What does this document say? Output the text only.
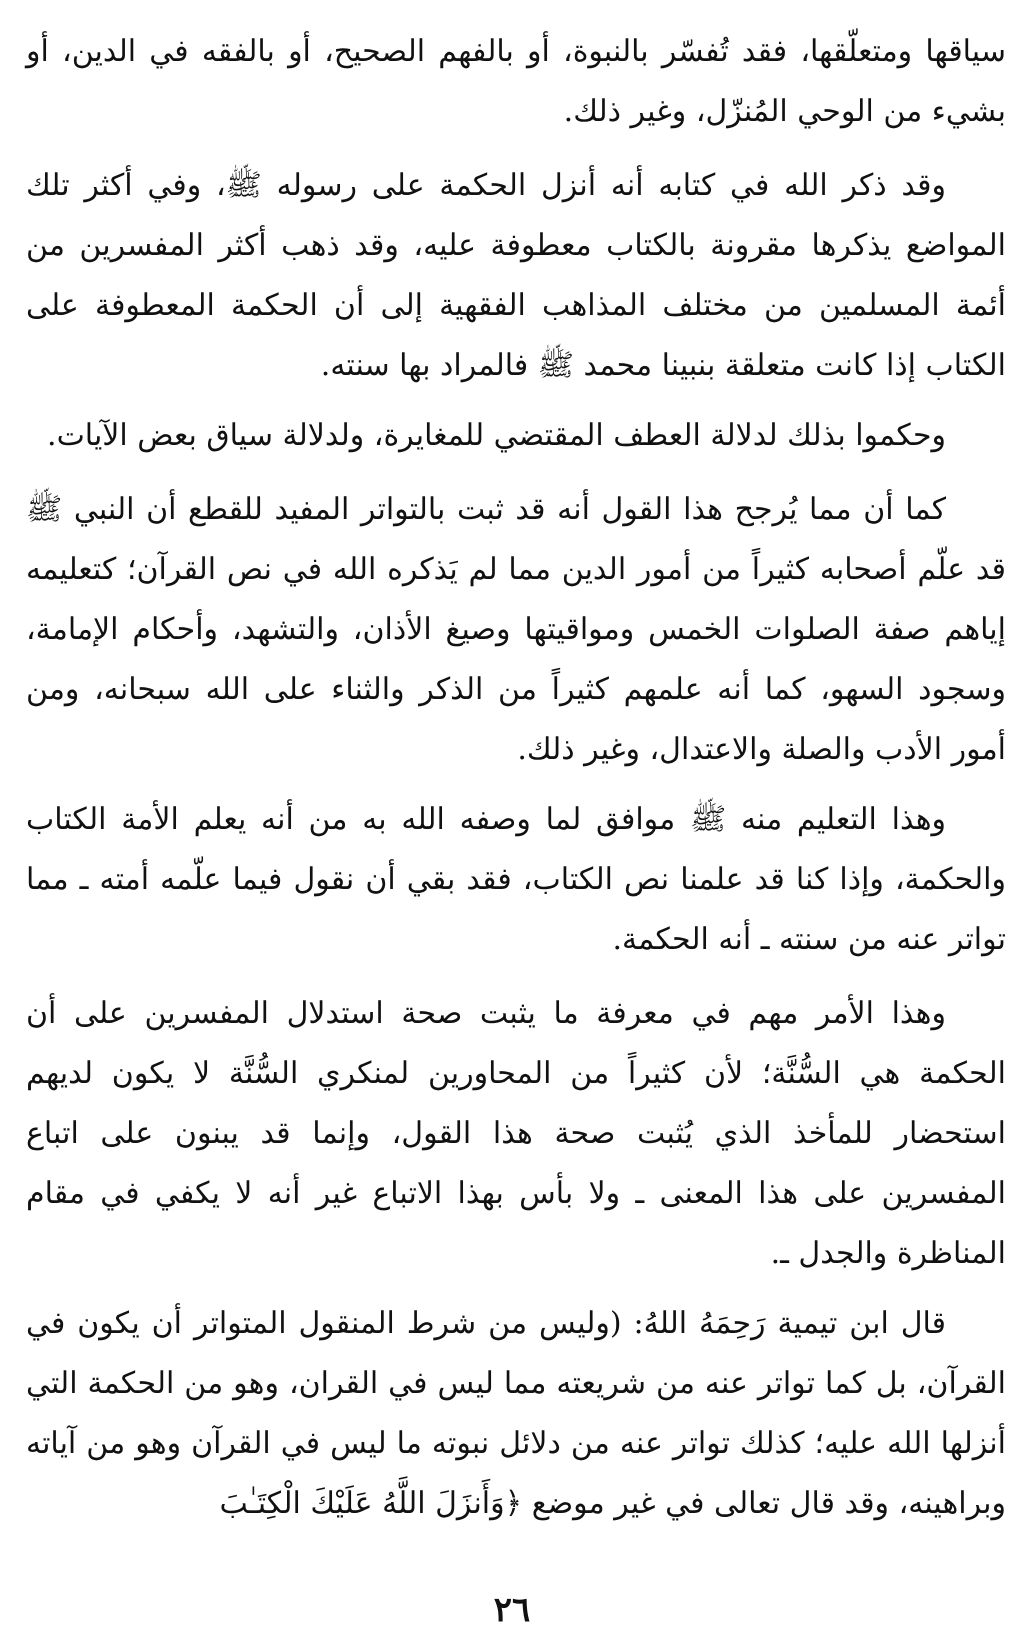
سياقها ومتعلّقها، فقد تُفسّر بالنبوة، أو بالفهم الصحيح، أو بالفقه في الدين، أو بشيء من الوحي المُنزّل، وغير ذلك.

وقد ذكر الله في كتابه أنه أنزل الحكمة على رسوله ﷺ، وفي أكثر تلك المواضع يذكرها مقرونة بالكتاب معطوفة عليه، وقد ذهب أكثر المفسرين من أئمة المسلمين من مختلف المذاهب الفقهية إلى أن الحكمة المعطوفة على الكتاب إذا كانت متعلقة بنبينا محمد ﷺ فالمراد بها سنته.

وحكموا بذلك لدلالة العطف المقتضي للمغايرة، ولدلالة سياق بعض الآيات.

كما أن مما يُرجح هذا القول أنه قد ثبت بالتواتر المفيد للقطع أن النبي ﷺ قد علّم أصحابه كثيراً من أمور الدين مما لم يَذكره الله في نص القرآن؛ كتعليمه إياهم صفة الصلوات الخمس ومواقيتها وصيغ الأذان، والتشهد، وأحكام الإمامة، وسجود السهو، كما أنه علمهم كثيراً من الذكر والثناء على الله سبحانه، ومن أمور الأدب والصلة والاعتدال، وغير ذلك.

وهذا التعليم منه ﷺ موافق لما وصفه الله به من أنه يعلم الأمة الكتاب والحكمة، وإذا كنا قد علمنا نص الكتاب، فقد بقي أن نقول فيما علّمه أمته ـ مما تواتر عنه من سنته ـ أنه الحكمة.

وهذا الأمر مهم في معرفة ما يثبت صحة استدلال المفسرين على أن الحكمة هي السُّنَّة؛ لأن كثيراً من المحاورين لمنكري السُّنَّة لا يكون لديهم استحضار للمأخذ الذي يُثبت صحة هذا القول، وإنما قد يبنون على اتباع المفسرين على هذا المعنى ـ ولا بأس بهذا الاتباع غير أنه لا يكفي في مقام المناظرة والجدل ـ.

قال ابن تيمية رَحِمَهُ اللهُ: (وليس من شرط المنقول المتواتر أن يكون في القرآن، بل كما تواتر عنه من شريعته مما ليس في القران، وهو من الحكمة التي أنزلها الله عليه؛ كذلك تواتر عنه من دلائل نبوته ما ليس في القرآن وهو من آياته وبراهينه، وقد قال تعالى في غير موضع ﴿وَأَنزَلَ اللَّهُ عَلَيْكَ الْكِتَـٰبَ

٢٦
